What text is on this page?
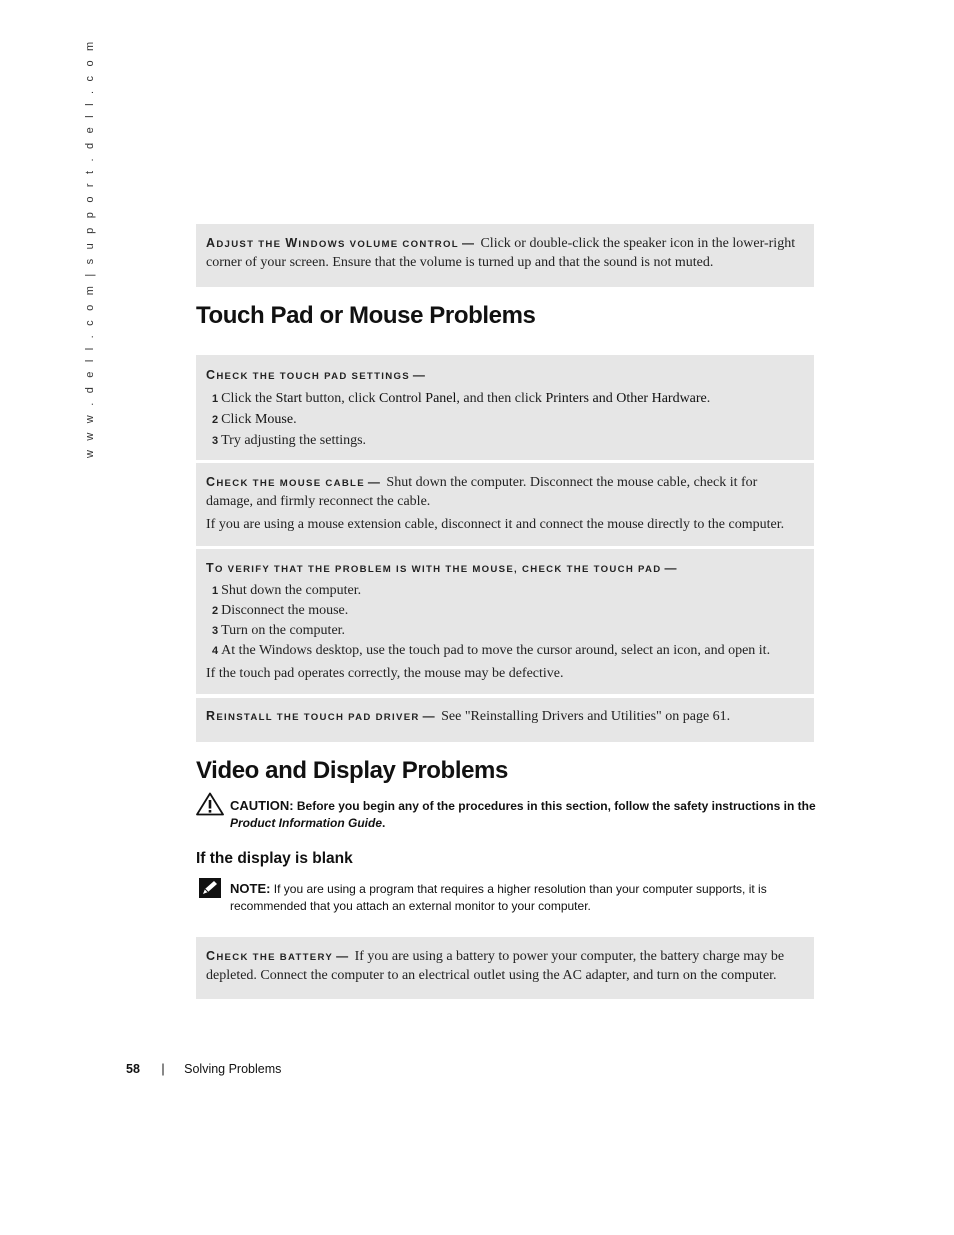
w w w . d e l l . c o m | s u p p o r t . d e l l . c o m	ADJUST THE WINDOWS VOLUME CONTROL — Click or double-click the speaker icon in the lower-right corner of your screen. Ensure that the volume is turned up and that the sound is not muted.

Touch Pad or Mouse Problems

CHECK THE TOUCH PAD SETTINGS —

1 Click the Start button, click Control Panel, and then click Printers and Other Hardware.

2 Click Mouse.

3 Try adjusting the settings.

CHECK THE MOUSE CABLE — Shut down the computer. Disconnect the mouse cable, check it for damage, and firmly reconnect the cable.

If you are using a mouse extension cable, disconnect it and connect the mouse directly to the computer.

TO VERIFY THAT THE PROBLEM IS WITH THE MOUSE, CHECK THE TOUCH PAD —

1 Shut down the computer.

2 Disconnect the mouse.

3 Turn on the computer.

4 At the Windows desktop, use the touch pad to move the cursor around, select an icon, and open it.

If the touch pad operates correctly, the mouse may be defective.

REINSTALL THE TOUCH PAD DRIVER — See "Reinstalling Drivers and Utilities" on page 61.

Video and Display Problems
CAUTION: Before you begin any of the procedures in this section, follow the safety instructions in the Product Information Guide.
If the display is blank
NOTE: If you are using a program that requires a higher resolution than your computer supports, it is recommended that you attach an external monitor to your computer.

CHECK THE BATTERY — If you are using a battery to power your computer, the battery charge may be depleted. Connect the computer to an electrical outlet using the AC adapter, and turn on the computer.

58 | Solving Problems
